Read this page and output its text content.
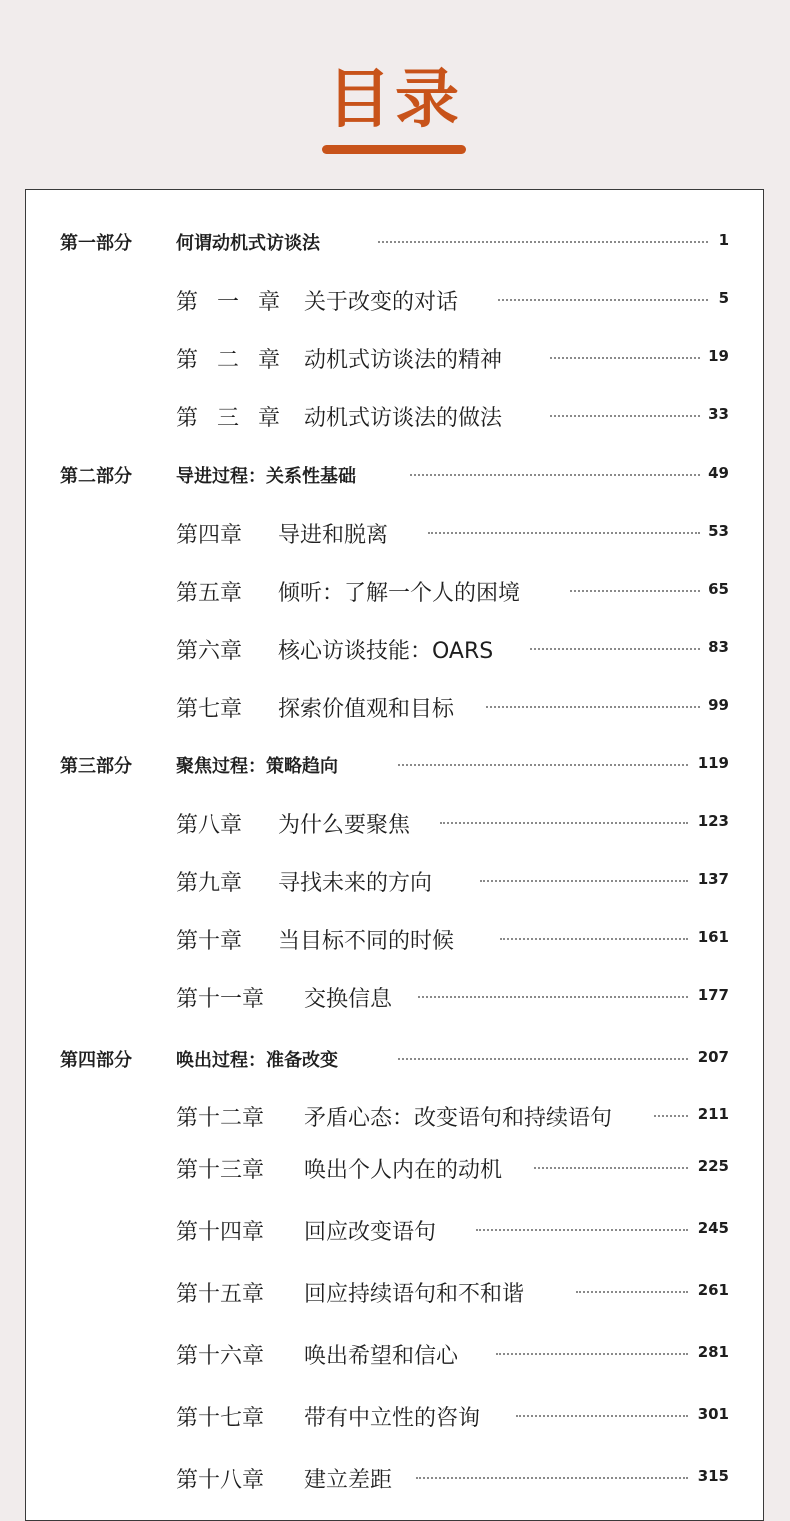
目录
第一部分 何谓动机式访谈法	1
第 一 章 关于改变的对话	5
第 二 章 动机式访谈法的精神	19
第 三 章 动机式访谈法的做法	33
第二部分 导进过程：关系性基础	49
第四章 导进和脱离	53
第五章 倾听：了解一个人的困境	65
第六章 核心访谈技能：OARS	83
第七章 探索价值观和目标	99
第三部分 聚焦过程：策略趋向	119
第八章 为什么要聚焦	123
第九章 寻找未来的方向	137
第十章 当目标不同的时候	161
第十一章 交换信息	177
第四部分 唤出过程：准备改变	207
第十二章 矛盾心态：改变语句和持续语句	211
第十三章 唤出个人内在的动机	225
第十四章 回应改变语句	245
第十五章 回应持续语句和不和谐	261
第十六章 唤出希望和信心	281
第十七章 带有中立性的咨询	301
第十八章 建立差距	315
